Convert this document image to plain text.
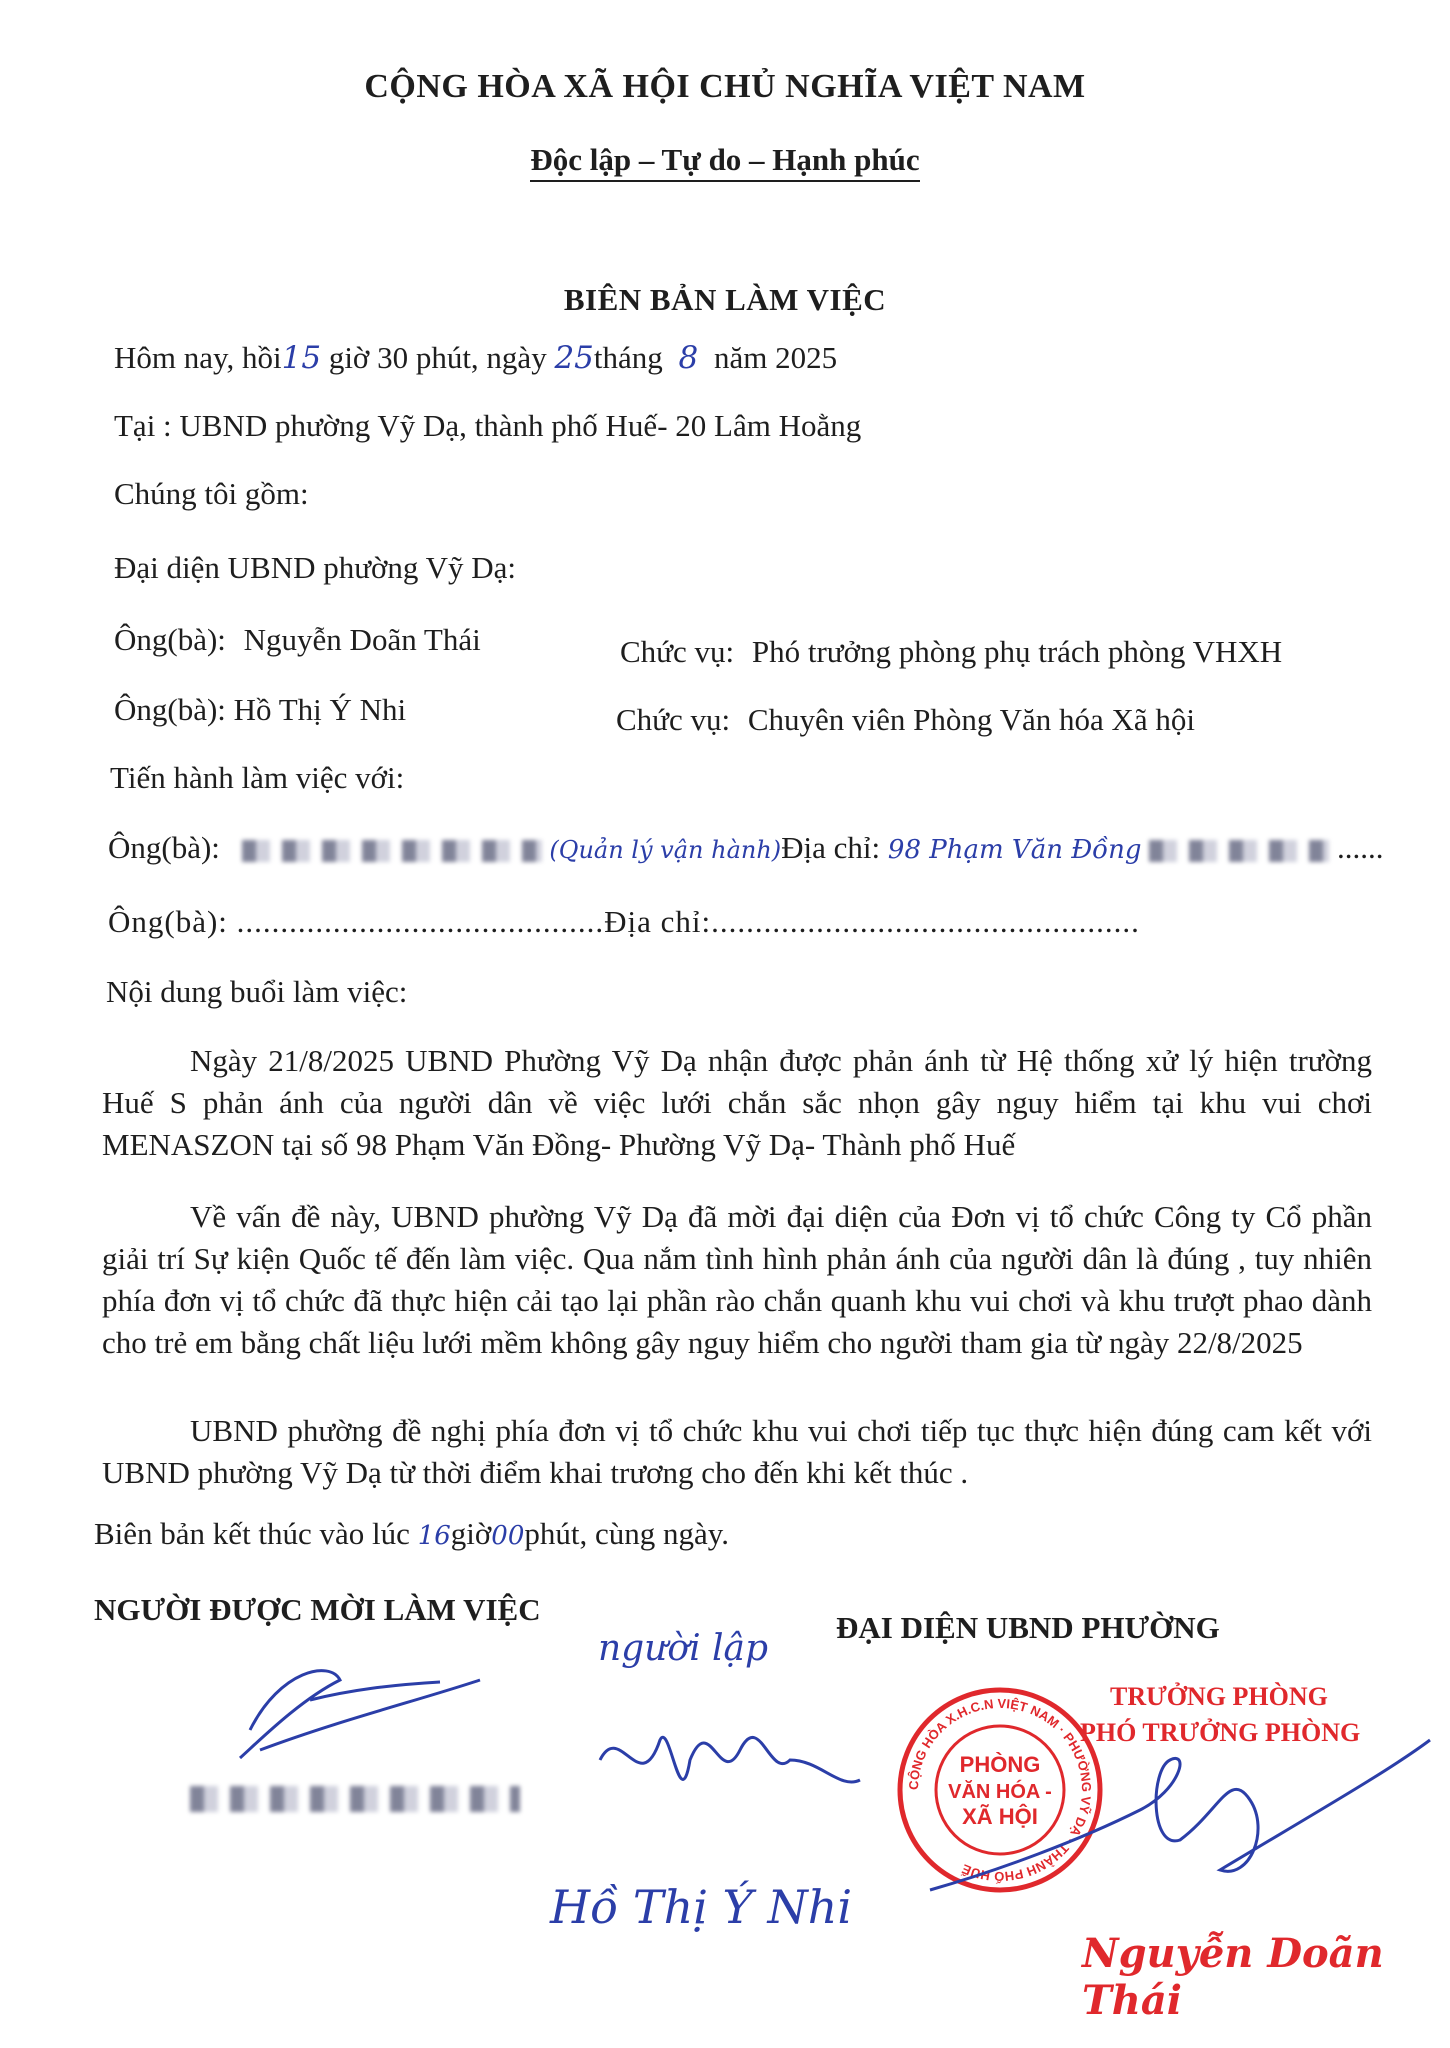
CỘNG HÒA XÃ HỘI CHỦ NGHĨA VIỆT NAM
Độc lập – Tự do – Hạnh phúc
BIÊN BẢN LÀM VIỆC
Hôm nay, hồi15 giờ 30 phút, ngày 25tháng 8 năm 2025
Tại : UBND phường Vỹ Dạ, thành phố Huế- 20 Lâm Hoằng
Chúng tôi gồm:
Đại diện UBND phường Vỹ Dạ:
Ông(bà): Nguyễn Doãn Thái	Chức vụ: Phó trưởng phòng phụ trách phòng VHXH
Ông(bà): Hồ Thị Ý Nhi	Chức vụ: Chuyên viên Phòng Văn hóa Xã hội
Tiến hành làm việc với:
Ông(bà):	(Quản lý vận hành)Địa chỉ: 98 Phạm Văn Đồng	......
Ông(bà): ..........................................Địa chỉ:.................................................
Nội dung buổi làm việc:

Ngày 21/8/2025 UBND Phường Vỹ Dạ nhận được phản ánh từ Hệ thống xử lý hiện trường Huế S phản ánh của người dân về việc lưới chắn sắc nhọn gây nguy hiểm tại khu vui chơi MENASZON tại số 98 Phạm Văn Đồng- Phường Vỹ Dạ- Thành phố Huế

Về vấn đề này, UBND phường Vỹ Dạ đã mời đại diện của Đơn vị tổ chức Công ty Cổ phần giải trí Sự kiện Quốc tế đến làm việc. Qua nắm tình hình phản ánh của người dân là đúng , tuy nhiên phía đơn vị tổ chức đã thực hiện cải tạo lại phần rào chắn quanh khu vui chơi và khu trượt phao dành cho trẻ em bằng chất liệu lưới mềm không gây nguy hiểm cho người tham gia từ ngày 22/8/2025

UBND phường đề nghị phía đơn vị tổ chức khu vui chơi tiếp tục thực hiện đúng cam kết với UBND phường Vỹ Dạ từ thời điểm khai trương cho đến khi kết thúc .

Biên bản kết thúc vào lúc 16giờ00phút, cùng ngày.
NGƯỜI ĐƯỢC MỜI LÀM VIỆC
ĐẠI DIỆN UBND PHƯỜNG
người lập
Hồ Thị Ý Nhi
CỘNG HÒA X.H.C.N VIỆT NAM · PHƯỜNG VỸ DẠ · THÀNH PHỐ HUẾ
PHÒNG
VĂN HÓA -
XÃ HỘI
TRƯỞNG PHÒNG
PHÓ TRƯỞNG PHÒNG
Nguyễn Doãn Thái
